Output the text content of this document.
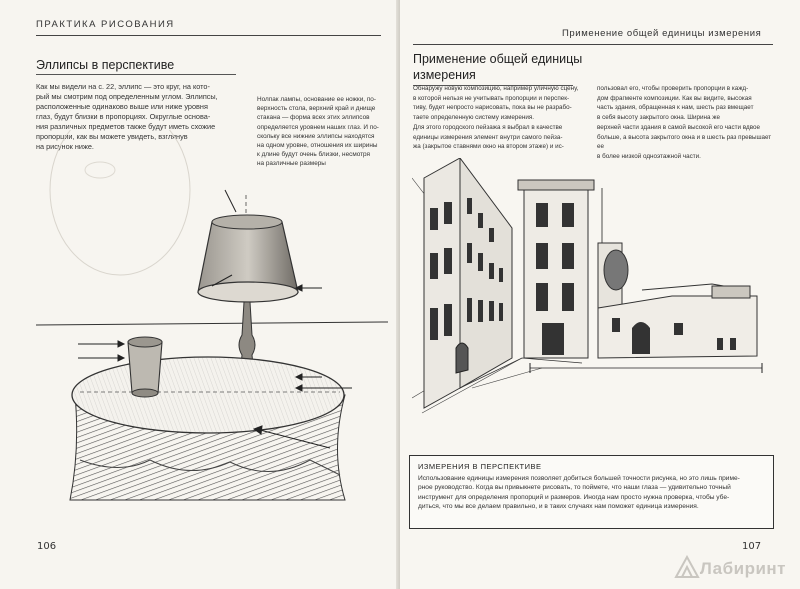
ПРАКТИКА РИСОВАНИЯ
Эллипсы в перспективе
Как мы видели на с. 22, эллипс — это круг, на кото-
рый мы смотрим под определенным углом. Эллипсы,
расположенные одинаково выше или ниже уровня
глаз, будут близки в пропорциях. Округлые основа-
ния различных предметов также будут иметь схожие
пропорции, как вы можете увидеть, взглянув
на рисунок ниже.
Нолпак лампы, основание ее ножки, по-
верхность стола, верхний край и днище
стакана — форма всех этих эллипсов
определяется уровнем наших глаз. И по-
скольку все нижние эллипсы находятся
на одном уровне, отношения их ширины
к длине будут очень близки, несмотря
на различные размеры
106
Применение общей единицы измерения
Применение общей единицы
измерения
Обнаружу новую композицию, например уличную сцену,
в которой нельзя не учитывать пропорции и перспек-
тиву, будет непросто нарисовать, пока вы не разрабо-
таете определенную систему измерения.
Для этого городского пейзажа я выбрал в качестве
единицы измерения элемент внутри самого пейза-
жа (закрытое ставнями окно на втором этаже) и ис-
пользовал его, чтобы проверить пропорции в кажд-
дом фрагменте композиции. Как вы видите, высокая
часть здания, обращенная к нам, шесть раз вмещает
в себя высоту закрытого окна. Ширина же
верхней части здания в самой высокой его части вдвое
больше, а высота закрытого окна и в шесть раз превышает ее
в более низкой одноэтажной части.
ИЗМЕРЕНИЯ В ПЕРСПЕКТИВЕ
Использование единицы измерения позволяет добиться большей точности рисунка, но это лишь приме-
рное руководство. Когда вы привыкнете рисовать, то поймете, что наши глаза — удивительно точный
инструмент для определения пропорций и размеров. Иногда нам просто нужна проверка, чтобы убе-
диться, что мы все делаем правильно, и в таких случаях нам поможет единица измерения.
107
Лабиринт
